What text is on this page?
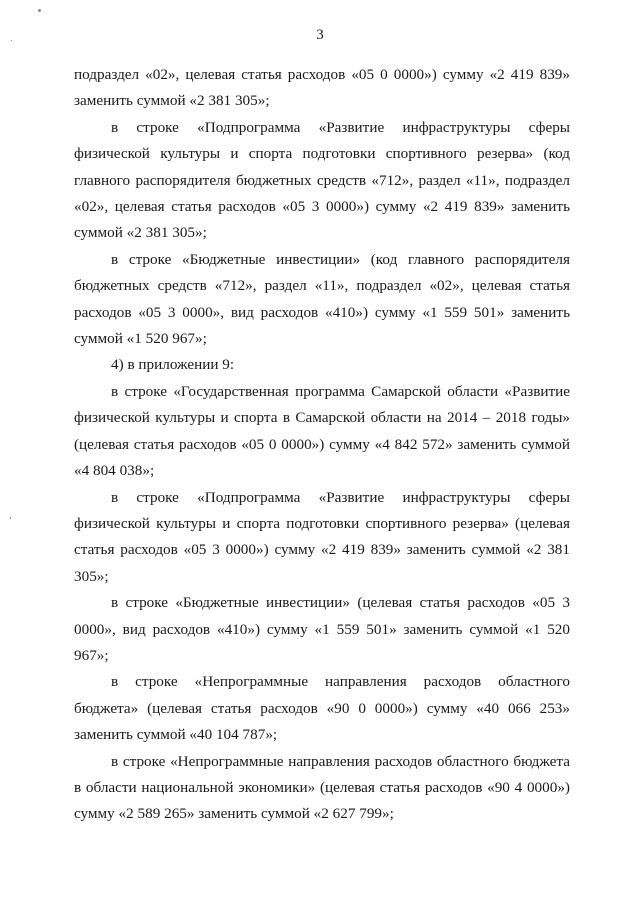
3

подраздел «02», целевая статья расходов «05 0 0000») сумму «2 419 839» заменить суммой «2 381 305»;

в строке «Подпрограмма «Развитие инфраструктуры сферы физической культуры и спорта подготовки спортивного резерва» (код главного распорядителя бюджетных средств «712», раздел «11», подраздел «02», целевая статья расходов «05 3 0000») сумму «2 419 839» заменить суммой «2 381 305»;

в строке «Бюджетные инвестиции» (код главного распорядителя бюджетных средств «712», раздел «11», подраздел «02», целевая статья расходов «05 3 0000», вид расходов «410») сумму «1 559 501» заменить суммой «1 520 967»;

4) в приложении 9:

в строке «Государственная программа Самарской области «Развитие физической культуры и спорта в Самарской области на 2014 – 2018 годы» (целевая статья расходов «05 0 0000») сумму «4 842 572» заменить суммой «4 804 038»;

в строке «Подпрограмма «Развитие инфраструктуры сферы физической культуры и спорта подготовки спортивного резерва» (целевая статья расходов «05 3 0000») сумму «2 419 839» заменить суммой «2 381 305»;

в строке «Бюджетные инвестиции» (целевая статья расходов «05 3 0000», вид расходов «410») сумму «1 559 501» заменить суммой «1 520 967»;

в строке «Непрограммные направления расходов областного бюджета» (целевая статья расходов «90 0 0000») сумму «40 066 253» заменить суммой «40 104 787»;

в строке «Непрограммные направления расходов областного бюджета в области национальной экономики» (целевая статья расходов «90 4 0000») сумму «2 589 265» заменить суммой «2 627 799»;
